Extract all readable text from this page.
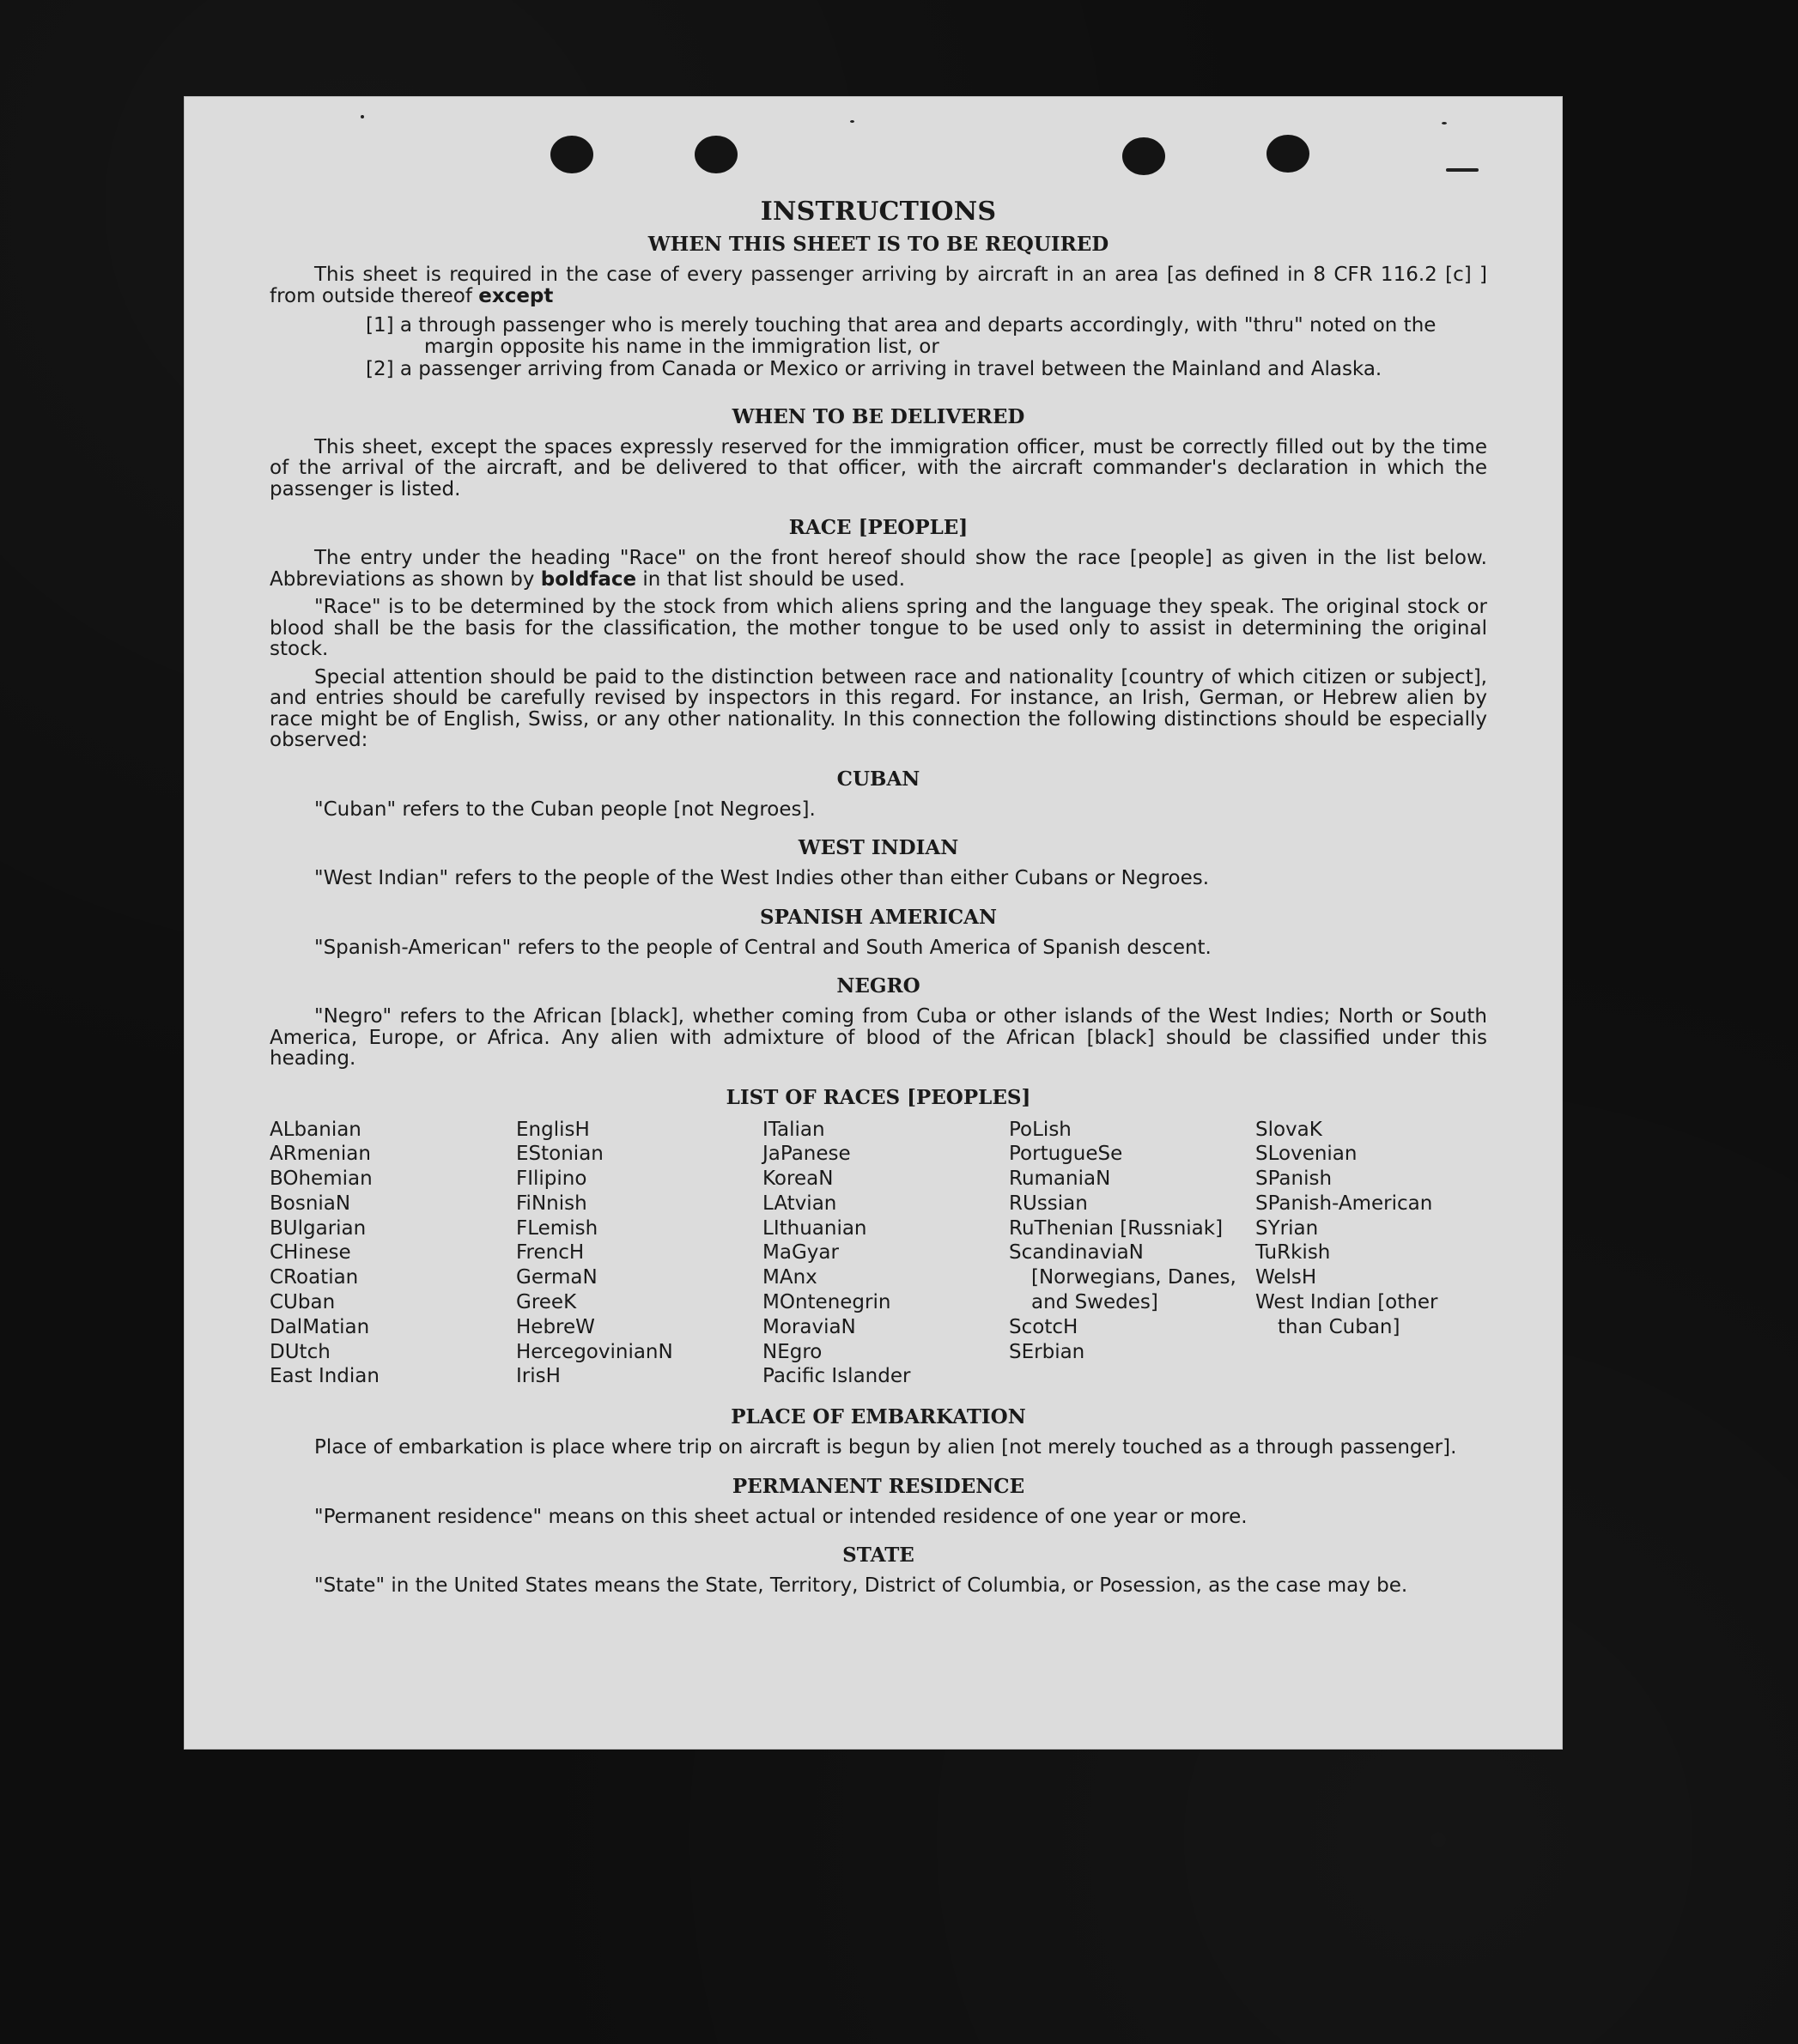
INSTRUCTIONS
WHEN THIS SHEET IS TO BE REQUIRED

This sheet is required in the case of every passenger arriving by aircraft in an area [as defined in 8 CFR 116.2 [c] ] from outside thereof except

[1] a through passenger who is merely touching that area and departs accordingly, with "thru" noted on the margin opposite his name in the immigration list, or
[2] a passenger arriving from Canada or Mexico or arriving in travel between the Mainland and Alaska.
WHEN TO BE DELIVERED

This sheet, except the spaces expressly reserved for the immigration officer, must be correctly filled out by the time of the arrival of the aircraft, and be delivered to that officer, with the aircraft commander's declaration in which the passenger is listed.

RACE [PEOPLE]

The entry under the heading "Race" on the front hereof should show the race [people] as given in the list below. Abbreviations as shown by boldface in that list should be used.

"Race" is to be determined by the stock from which aliens spring and the language they speak. The original stock or blood shall be the basis for the classification, the mother tongue to be used only to assist in determining the original stock.

Special attention should be paid to the distinction between race and nationality [country of which citizen or subject], and entries should be carefully revised by inspectors in this regard. For instance, an Irish, German, or Hebrew alien by race might be of English, Swiss, or any other nationality. In this connection the following distinctions should be especially observed:

CUBAN

"Cuban" refers to the Cuban people [not Negroes].

WEST INDIAN

"West Indian" refers to the people of the West Indies other than either Cubans or Negroes.

SPANISH AMERICAN

"Spanish-American" refers to the people of Central and South America of Spanish descent.

NEGRO

"Negro" refers to the African [black], whether coming from Cuba or other islands of the West Indies; North or South America, Europe, or Africa. Any alien with admixture of blood of the African [black] should be classified under this heading.

LIST OF RACES [PEOPLES]
ALbanian
ARmenian
BOhemian
BosniaN
BUlgarian
CHinese
CRoatian
CUban
DalMatian
DUtch
East Indian
EnglisH
EStonian
FIlipino
FiNnish
FLemish
FrencH
GermaN
GreeK
HebreW
HercegovinianN
IrisH
ITalian
JaPanese
KoreaN
LAtvian
LIthuanian
MaGyar
MAnx
MOntenegrin
MoraviaN
NEgro
Pacific Islander
PoLish
PortugueSe
RumaniaN
RUssian
RuThenian [Russniak]
ScandinaviaN [Norwegians, Danes, and Swedes]
ScotcH
SErbian
SlovaK
SLovenian
SPanish
SPanish-American
SYrian
TuRkish
WelsH
West Indian [other than Cuban]
PLACE OF EMBARKATION

Place of embarkation is place where trip on aircraft is begun by alien [not merely touched as a through passenger].

PERMANENT RESIDENCE

"Permanent residence" means on this sheet actual or intended residence of one year or more.

STATE

"State" in the United States means the State, Territory, District of Columbia, or Posession, as the case may be.
